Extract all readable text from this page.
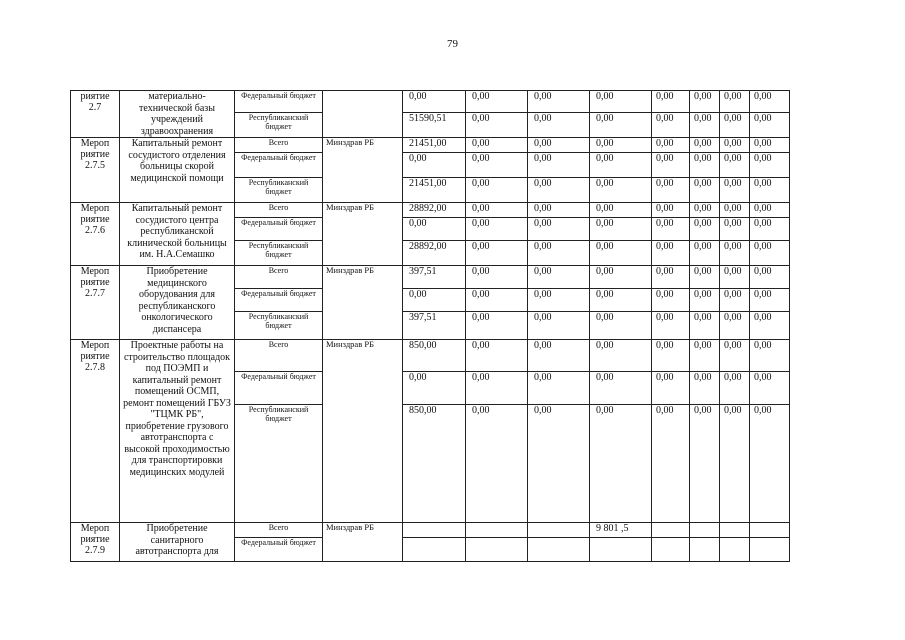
79
риятие 2.7	материально-технической базы учреждений здравоохранения	Федеральный бюджет		0,00	0,00	0,00	0,00	0,00	0,00	0,00	0,00
		Республиканский бюджет		51590,51	0,00	0,00	0,00	0,00	0,00	0,00	0,00
Мероп риятие 2.7.5	Капитальный ремонт сосудистого отделения больницы скорой медицинской помощи	Всего	Минздрав РБ	21451,00	0,00	0,00	0,00	0,00	0,00	0,00	0,00
		Федеральный бюджет		0,00	0,00	0,00	0,00	0,00	0,00	0,00	0,00
		Республиканский бюджет		21451,00	0,00	0,00	0,00	0,00	0,00	0,00	0,00
Мероп риятие 2.7.6	Капитальный ремонт сосудистого центра республиканской клинической больницы им. Н.А.Семашко	Всего	Минздрав РБ	28892,00	0,00	0,00	0,00	0,00	0,00	0,00	0,00
		Федеральный бюджет		0,00	0,00	0,00	0,00	0,00	0,00	0,00	0,00
		Республиканский бюджет		28892,00	0,00	0,00	0,00	0,00	0,00	0,00	0,00
Мероп риятие 2.7.7	Приобретение медицинского оборудования для республиканского онкологического диспансера	Всего	Минздрав РБ	397,51	0,00	0,00	0,00	0,00	0,00	0,00	0,00
		Федеральный бюджет		0,00	0,00	0,00	0,00	0,00	0,00	0,00	0,00
		Республиканский бюджет		397,51	0,00	0,00	0,00	0,00	0,00	0,00	0,00
Мероп риятие 2.7.8	Проектные работы на строительство площадок под ПОЭМП и капитальный ремонт помещений ОСМП, ремонт помещений ГБУЗ "ТЦМК РБ", приобретение грузового автотранспорта с высокой проходимостью для транспортировки медицинских модулей	Всего	Минздрав РБ	850,00	0,00	0,00	0,00	0,00	0,00	0,00	0,00
		Федеральный бюджет		0,00	0,00	0,00	0,00	0,00	0,00	0,00	0,00
		Республиканский бюджет		850,00	0,00	0,00	0,00	0,00	0,00	0,00	0,00
Мероп риятие 2.7.9	Приобретение санитарного автотранспорта для	Всего	Минздрав РБ				9 801 ,5				
		Федеральный бюджет									
